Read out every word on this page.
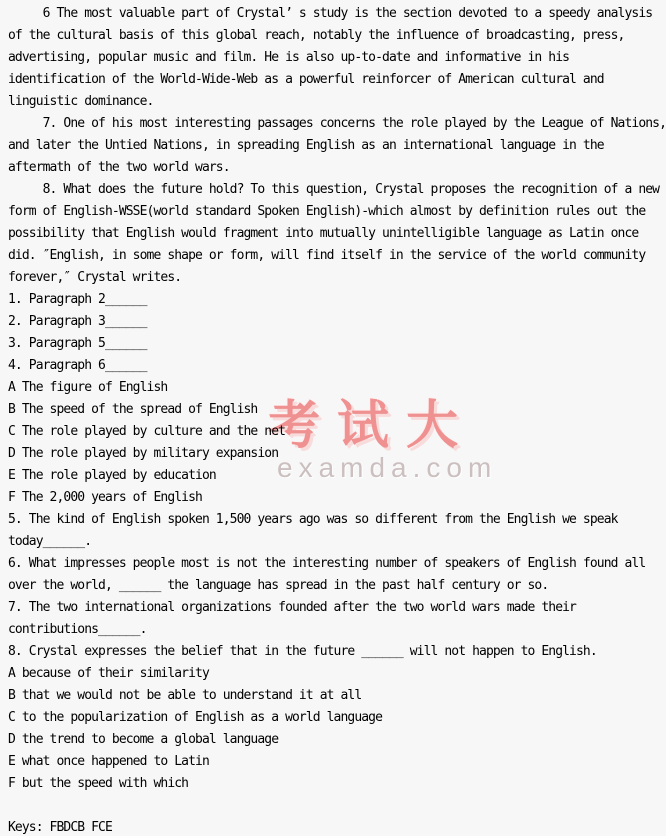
考试大
examda.com
6 The most valuable part of Crystal’ s study is the section devoted to a speedy analysis
of the cultural basis of this global reach, notably the influence of broadcasting, press,
advertising, popular music and film. He is also up-to-date and informative in his
identification of the World-Wide-Web as a powerful reinforcer of American cultural and
linguistic dominance.
7. One of his most interesting passages concerns the role played by the League of Nations,
and later the Untied Nations, in spreading English as an international language in the
aftermath of the two world wars.
8. What does the future hold? To this question, Crystal proposes the recognition of a new
form of English-WSSE(world standard Spoken English)-which almost by definition rules out the
possibility that English would fragment into mutually unintelligible language as Latin once
did. ″English, in some shape or form, will find itself in the service of the world community
forever,″ Crystal writes.
1. Paragraph 2______
2. Paragraph 3______
3. Paragraph 5______
4. Paragraph 6______
A The figure of English
B The speed of the spread of English
C The role played by culture and the net
D The role played by military expansion
E The role played by education
F The 2,000 years of English
5. The kind of English spoken 1,500 years ago was so different from the English we speak
today______.
6. What impresses people most is not the interesting number of speakers of English found all
over the world, ______ the language has spread in the past half century or so.
7. The two international organizations founded after the two world wars made their
contributions______.
8. Crystal expresses the belief that in the future ______ will not happen to English.
A because of their similarity
B that we would not be able to understand it at all
C to the popularization of English as a world language
D the trend to become a global language
E what once happened to Latin
F but the speed with which
Keys: FBDCB FCE
